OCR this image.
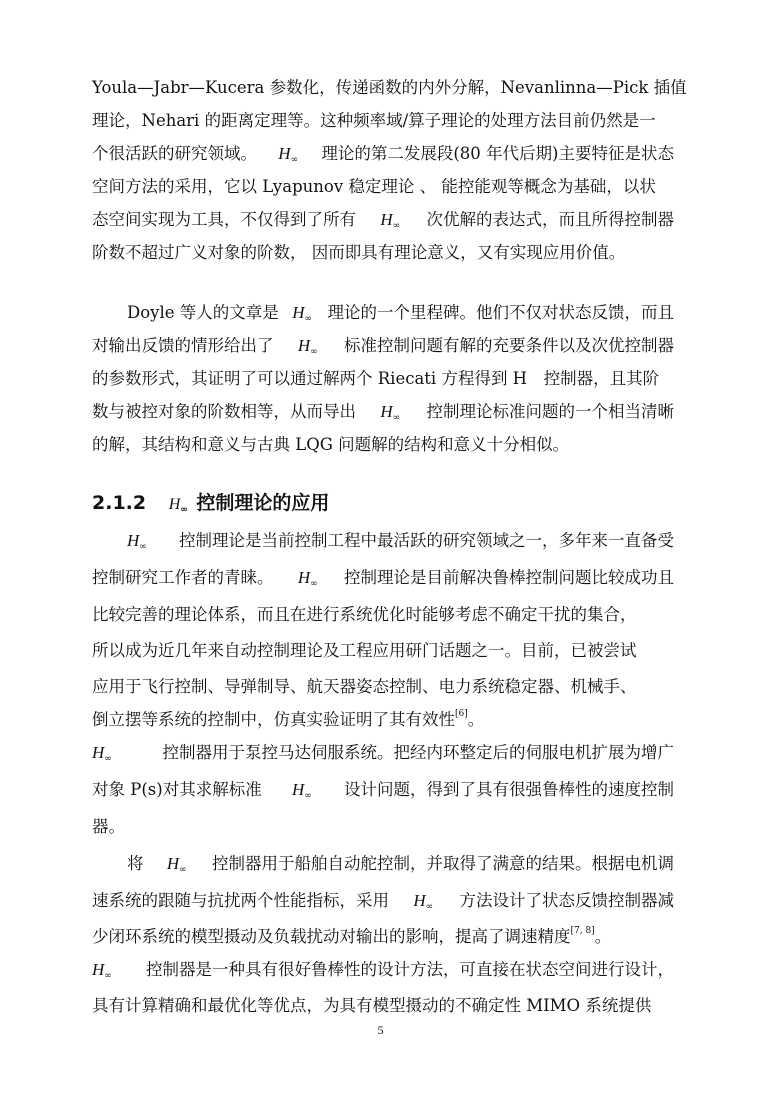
Youla—Jabr—Kucera 参数化，传递函数的内外分解，Nevanlinna—Pick 插值
理论，Nehari 的距离定理等。这种频率域/算子理论的处理方法目前仍然是一
个很活跃的研究领域。 H∞ 理论的第二发展段(80 年代后期)主要特征是状态
空间方法的采用，它以 Lyapunov 稳定理论 、 能控能观等概念为基础，以状
态空间实现为工具，不仅得到了所有 H∞ 次优解的表达式，而且所得控制器
阶数不超过广义对象的阶数， 因而即具有理论意义，又有实现应用价值。
Doyle 等人的文章是 H∞ 理论的一个里程碑。他们不仅对状态反馈，而且
对输出反馈的情形给出了 H∞ 标准控制问题有解的充要条件以及次优控制器
的参数形式，其证明了可以通过解两个 Riecati 方程得到 H　控制器，且其阶
数与被控对象的阶数相等，从而导出 H∞ 控制理论标准问题的一个相当清晰
的解，其结构和意义与古典 LQG 问题解的结构和意义十分相似。
2.1.2 H∞ 控制理论的应用
H∞ 控制理论是当前控制工程中最活跃的研究领域之一，多年来一直备受
控制研究工作者的青睐。 H∞ 控制理论是目前解决鲁棒控制问题比较成功且
比较完善的理论体系，而且在进行系统优化时能够考虑不确定干扰的集合，
所以成为近几年来自动控制理论及工程应用研门话题之一。目前，已被尝试
应用于飞行控制、导弹制导、航天器姿态控制、电力系统稳定器、机械手、
倒立摆等系统的控制中，仿真实验证明了其有效性 [6] 。
H∞	控制器用于泵控马达伺服系统。把经内环整定后的伺服电机扩展为增广
对象 P(s)对其求解标准 H∞ 设计问题，得到了具有很强鲁棒性的速度控制
器。
将 H∞ 控制器用于船舶自动舵控制，并取得了满意的结果。根据电机调
速系统的跟随与抗扰两个性能指标，采用 H∞ 方法设计了状态反馈控制器减
少闭环系统的模型摄动及负载扰动对输出的影响，提高了调速精度 [7, 8] 。
H∞ 控制器是一种具有很好鲁棒性的设计方法，可直接在状态空间进行设计，
具有计算精确和最优化等优点，为具有模型摄动的不确定性 MIMO 系统提供
5
